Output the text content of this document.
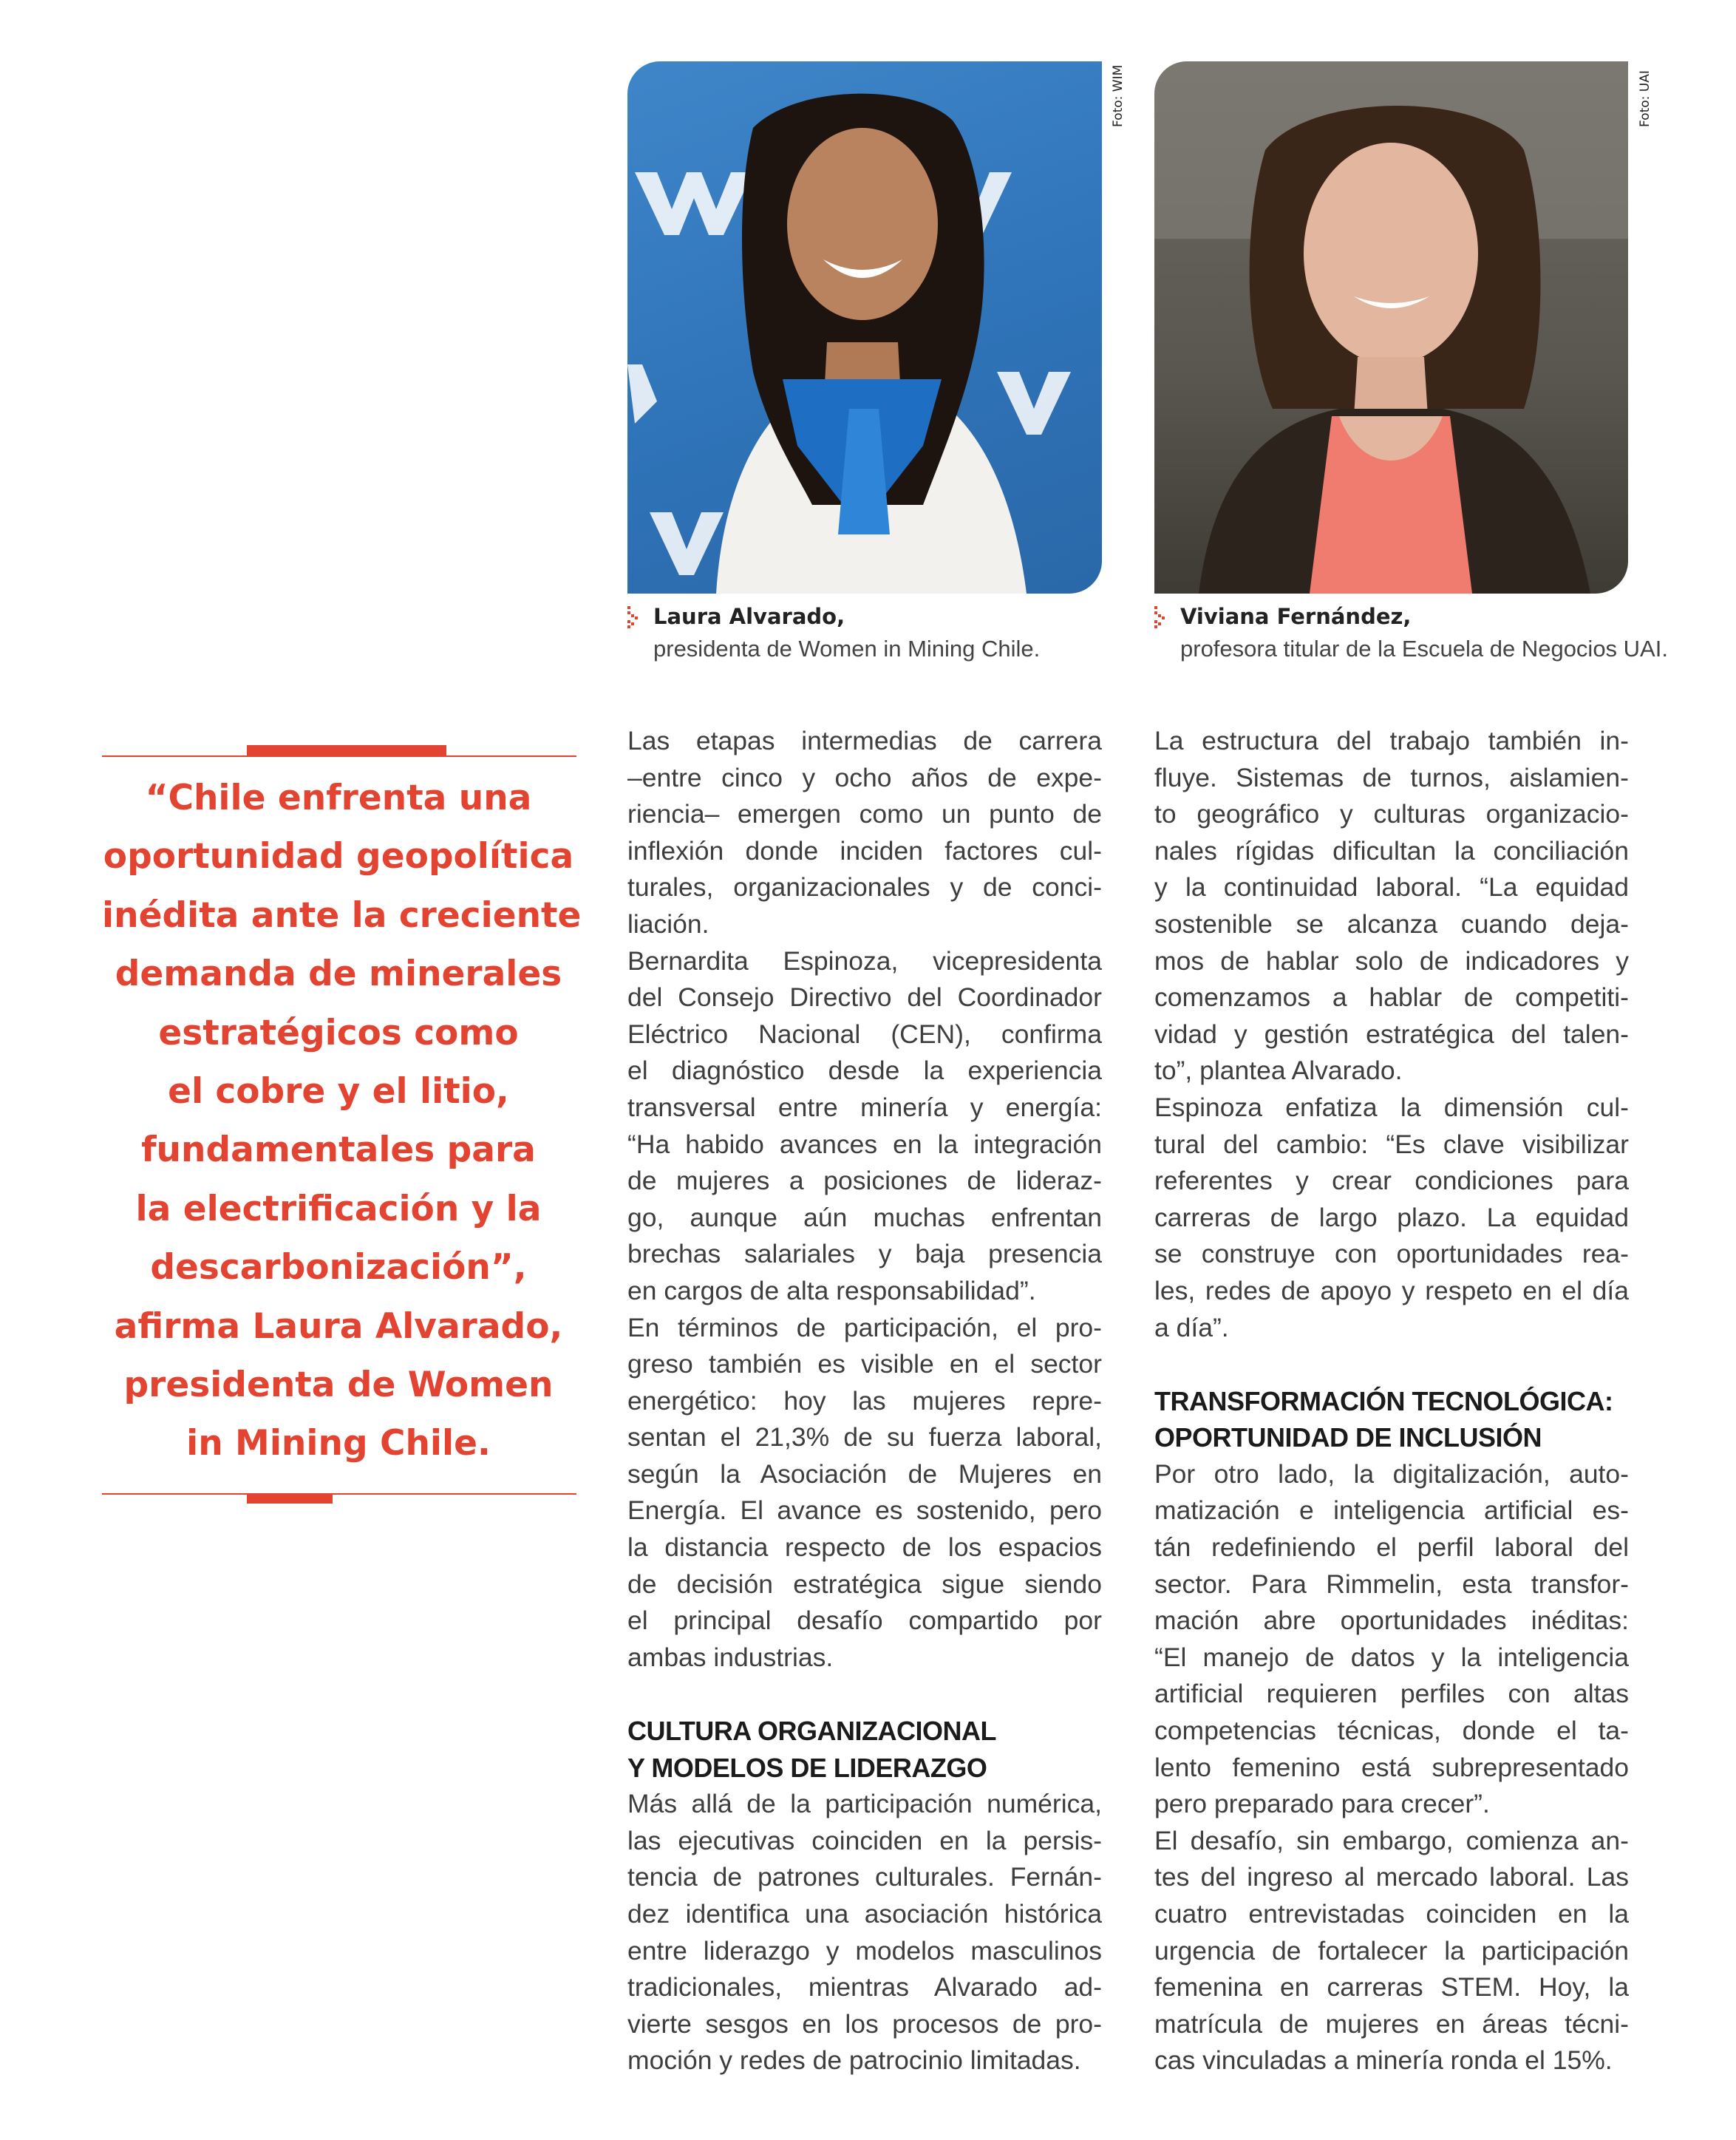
Foto: WIM	Foto: UAI
Laura Alvarado,
presidenta de Women in Mining Chile.
Viviana Fernández,
profesora titular de la Escuela de Negocios UAI.
“Chile enfrenta una
oportunidad geopolítica
inédita ante la creciente
demanda de minerales
estratégicos como
el cobre y el litio,
fundamentales para
la electrificación y la
descarbonización”,
afirma Laura Alvarado,
presidenta de Women
in Mining Chile.
Las etapas intermedias de carrera
–entre cinco y ocho años de expe-
riencia– emergen como un punto de
inflexión donde inciden factores cul-
turales, organizacionales y de conci-
liación.
Bernardita Espinoza, vicepresidenta
del Consejo Directivo del Coordinador
Eléctrico Nacional (CEN), confirma
el diagnóstico desde la experiencia
transversal entre minería y energía:
“Ha habido avances en la integración
de mujeres a posiciones de lideraz-
go, aunque aún muchas enfrentan
brechas salariales y baja presencia
en cargos de alta responsabilidad”.
En términos de participación, el pro-
greso también es visible en el sector
energético: hoy las mujeres repre-
sentan el 21,3% de su fuerza laboral,
según la Asociación de Mujeres en
Energía. El avance es sostenido, pero
la distancia respecto de los espacios
de decisión estratégica sigue siendo
el principal desafío compartido por
ambas industrias.
CULTURA ORGANIZACIONAL
Y MODELOS DE LIDERAZGO
Más allá de la participación numérica,
las ejecutivas coinciden en la persis-
tencia de patrones culturales. Fernán-
dez identifica una asociación histórica
entre liderazgo y modelos masculinos
tradicionales, mientras Alvarado ad-
vierte sesgos en los procesos de pro-
moción y redes de patrocinio limitadas.
La estructura del trabajo también in-
fluye. Sistemas de turnos, aislamien-
to geográfico y culturas organizacio-
nales rígidas dificultan la conciliación
y la continuidad laboral. “La equidad
sostenible se alcanza cuando deja-
mos de hablar solo de indicadores y
comenzamos a hablar de competiti-
vidad y gestión estratégica del talen-
to”, plantea Alvarado.
Espinoza enfatiza la dimensión cul-
tural del cambio: “Es clave visibilizar
referentes y crear condiciones para
carreras de largo plazo. La equidad
se construye con oportunidades rea-
les, redes de apoyo y respeto en el día
a día”.
TRANSFORMACIÓN TECNOLÓGICA:
OPORTUNIDAD DE INCLUSIÓN
Por otro lado, la digitalización, auto-
matización e inteligencia artificial es-
tán redefiniendo el perfil laboral del
sector. Para Rimmelin, esta transfor-
mación abre oportunidades inéditas:
“El manejo de datos y la inteligencia
artificial requieren perfiles con altas
competencias técnicas, donde el ta-
lento femenino está subrepresentado
pero preparado para crecer”.
El desafío, sin embargo, comienza an-
tes del ingreso al mercado laboral. Las
cuatro entrevistadas coinciden en la
urgencia de fortalecer la participación
femenina en carreras STEM. Hoy, la
matrícula de mujeres en áreas técni-
cas vinculadas a minería ronda el 15%.
